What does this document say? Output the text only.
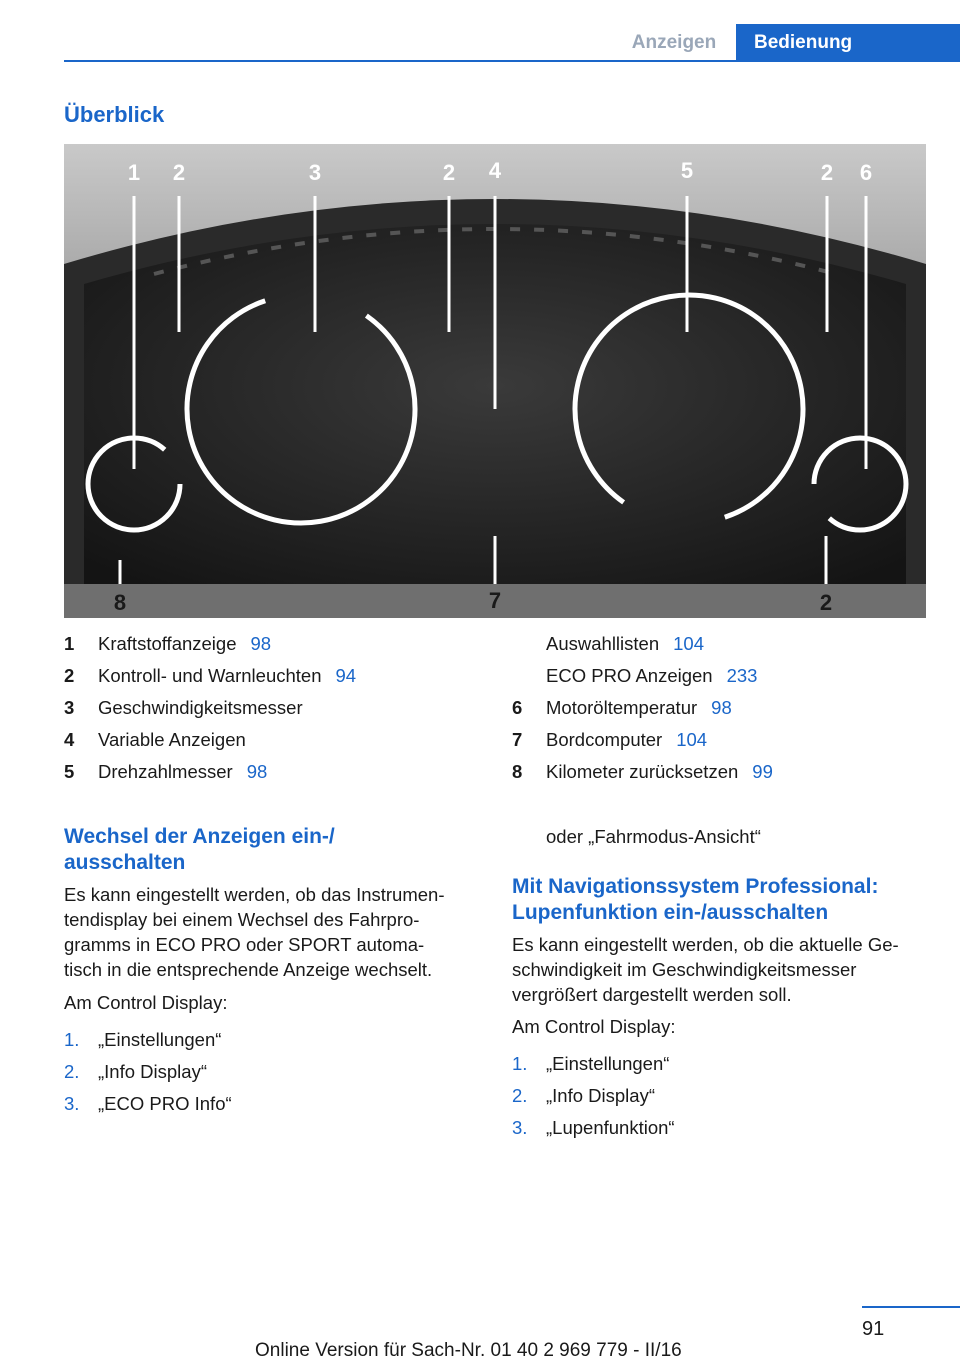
Anzeigen	Bedienung
Überblick
1 2	3	2 4	5	2 6
8	7	2
1	Kraftstoffanzeige 98
2	Kontroll- und Warnleuchten 94
3	Geschwindigkeitsmesser
4	Variable Anzeigen
5	Drehzahlmesser 98
Auswahllisten 104
ECO PRO Anzeigen 233
6	Motoröltemperatur 98
7	Bordcomputer 104
8	Kilometer zurücksetzen 99
Wechsel der Anzeigen ein-/
ausschalten
Es kann eingestellt werden, ob das Instrumen‐
tendisplay bei einem Wechsel des Fahrpro‐
gramms in ECO PRO oder SPORT automa‐
tisch in die entsprechende Anzeige wechselt.
Am Control Display:
1.	„Einstellungen“
2.	„Info Display“
3.	„ECO PRO Info“
oder „Fahrmodus-Ansicht“
Mit Navigationssystem Professional:
Lupenfunktion ein-/ausschalten
Es kann eingestellt werden, ob die aktuelle Ge‐
schwindigkeit im Geschwindigkeitsmesser
vergrößert dargestellt werden soll.
Am Control Display:
1.	„Einstellungen“
2.	„Info Display“
3.	„Lupenfunktion“
91
Online Version für Sach-Nr. 01 40 2 969 779 - II/16
